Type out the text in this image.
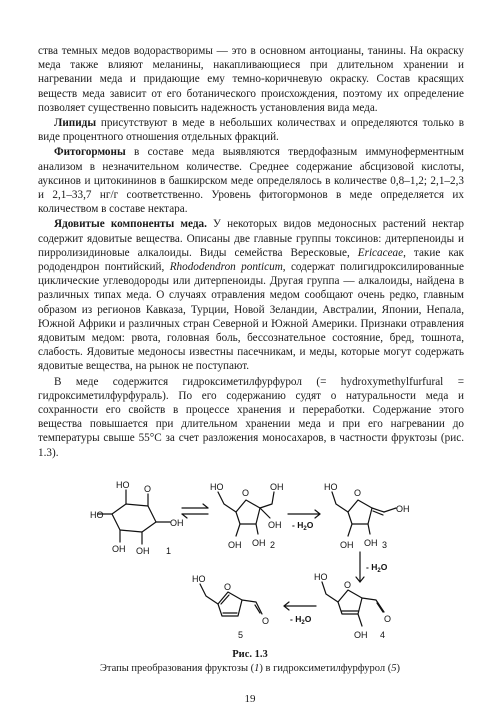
ства темных медов водорастворимы — это в основном антоцианы, танины. На окраску меда также влияют меланины, накапливающиеся при длительном хранении и нагревании меда и придающие ему темно-коричневую окраску. Состав красящих веществ меда зависит от его ботанического происхождения, поэтому их определение позволяет существенно повысить надежность установления вида меда.

Липиды присутствуют в меде в небольших количествах и определяются только в виде процентного отношения отдельных фракций.

Фитогормоны в составе меда выявляются твердофазным иммуноферментным анализом в незначительном количестве. Среднее содержание абсцизовой кислоты, ауксинов и цитокининов в башкирском меде определялось в количестве 0,8–1,2; 2,1–2,3 и 2,1–33,7 нг/г соответственно. Уровень фитогормонов в меде определяется их количеством в составе нектара.

Ядовитые компоненты меда. У некоторых видов медоносных растений нектар содержит ядовитые вещества. Описаны две главные группы токсинов: дитерпеноиды и пирролизидиновые алкалоиды. Виды семейства Вересковые, Ericaceae, такие как рододендрон понтийский, Rhododendron ponticum, содержат полигидроксилированные циклические углеводороды или дитерпеноиды. Другая группа — алкалоиды, найдена в различных типах меда. О случаях отравления медом сообщают очень редко, главным образом из регионов Кавказа, Турции, Новой Зеландии, Австралии, Японии, Непала, Южной Африки и различных стран Северной и Южной Америки. Признаки отравления ядовитым медом: рвота, головная боль, бессознательное состояние, бред, тошнота, слабость. Ядовитые медоносы известны пасечникам, и меды, которые могут содержать ядовитые вещества, на рынок не поступают.

В меде содержится гидроксиметилфурфурол (= hydroxymethylfurfural = гидроксиметилфурфураль). По его содержанию судят о натуральности меда и сохранности его свойств в процессе хранения и переработки. Содержание этого вещества повышается при длительном хранении меда и при его нагревании до температуры свыше 55°С за счет разложения моносахаров, в частности фруктозы (рис. 1.3).

HO O
OH
HO
OH OH 1
HO
O
OH
OH
OH OH 2
- $H_2O$
HO
O
OH
OH OH 3
- $H_2O$
HO
O
O
OH 4
- $H_2O$
HO
O
O
5
Рис. 1.3
Этапы преобразования фруктозы (1) в гидроксиметилфурфурол (5)
19
